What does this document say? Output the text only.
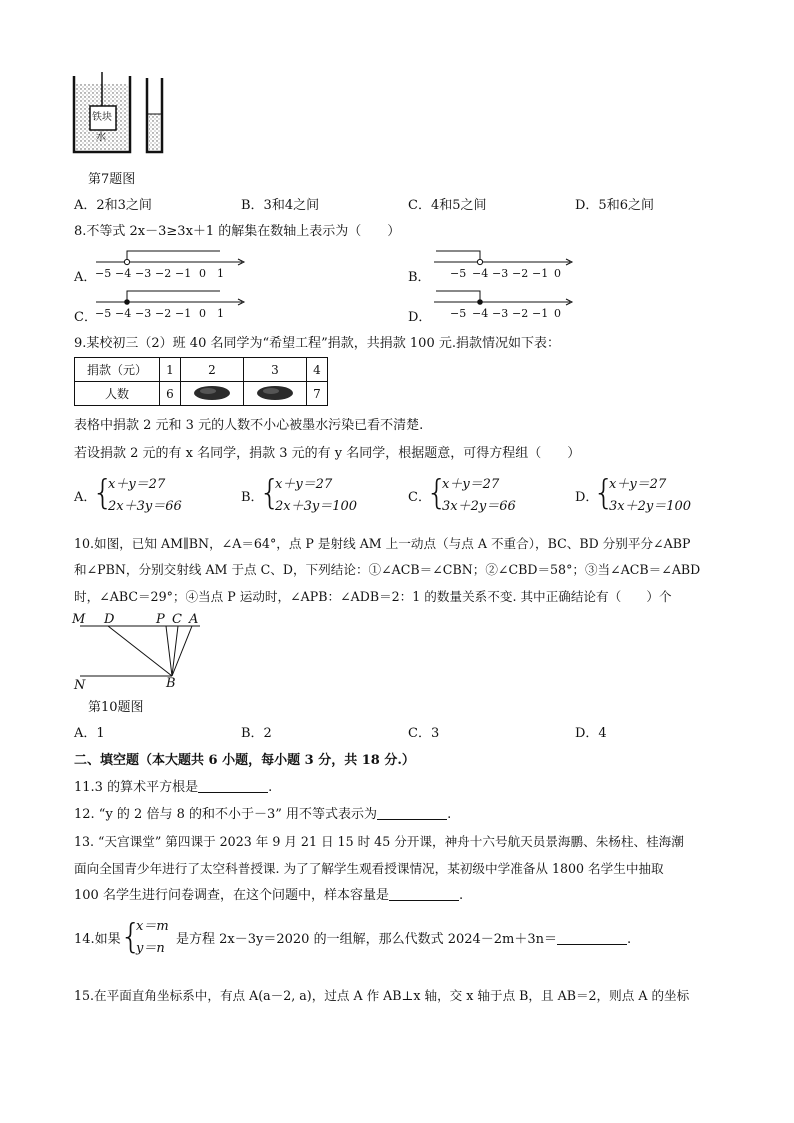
铁块
水
第7题图
A．2和3之间	B．3和4之间	C．4和5之间	D．5和6之间
8.不等式 2x－3≥3x＋1 的解集在数轴上表示为（　　）
A．
−5 −4 −3 −2 −1 0 1	B． −5 −4 −3 −2 −1 0
C．
−5 −4 −3 −2 −1 0 1	D． −5 −4 −3 −2 −1 0
9.某校初三（2）班 40 名同学为“希望工程”捐款，共捐款 100 元.捐款情况如下表：
捐款（元）	1	2	3	4
人数	6			7
表格中捐款 2 元和 3 元的人数不小心被墨水污染已看不清楚.
若设捐款 2 元的有 x 名同学，捐款 3 元的有 y 名同学，根据题意，可得方程组（　　）
A．
{
x＋y＝27
2x＋3y＝66
B．
{
x＋y＝27
2x＋3y＝100
C．
{
x＋y＝27
3x＋2y＝66
D．
{
x＋y＝27
3x＋2y＝100
10.如图，已知 AM∥BN，∠A＝64°，点 P 是射线 AM 上一动点（与点 A 不重合），BC、BD 分别平分∠ABP
和∠PBN，分别交射线 AM 于点 C、D，下列结论：①∠ACB＝∠CBN；②∠CBD＝58°；③当∠ACB＝∠ABD
时，∠ABC＝29°；④当点 P 运动时，∠APB：∠ADB＝2：1 的数量关系不变. 其中正确结论有（　　）个
M D	P C A
N	B
第10题图
A．1	B．2	C．3	D．4
二、填空题（本大题共 6 小题，每小题 3 分，共 18 分.）
11.3 的算术平方根是	.
12. “y 的 2 倍与 8 的和不小于－3” 用不等式表示为	.
13. “天宫课堂” 第四课于 2023 年 9 月 21 日 15 时 45 分开课，神舟十六号航天员景海鹏、朱杨柱、桂海潮
面向全国青少年进行了太空科普授课. 为了了解学生观看授课情况，某初级中学准备从 1800 名学生中抽取
100 名学生进行问卷调查，在这个问题中，样本容量是	.
14.如果 {
x＝m
y＝n
是方程 2x－3y＝2020 的一组解，那么代数式 2024－2m＋3n＝	.
15.在平面直角坐标系中，有点 A(a－2, a)，过点 A 作 AB⊥x 轴，交 x 轴于点 B，且 AB＝2，则点 A 的坐标
